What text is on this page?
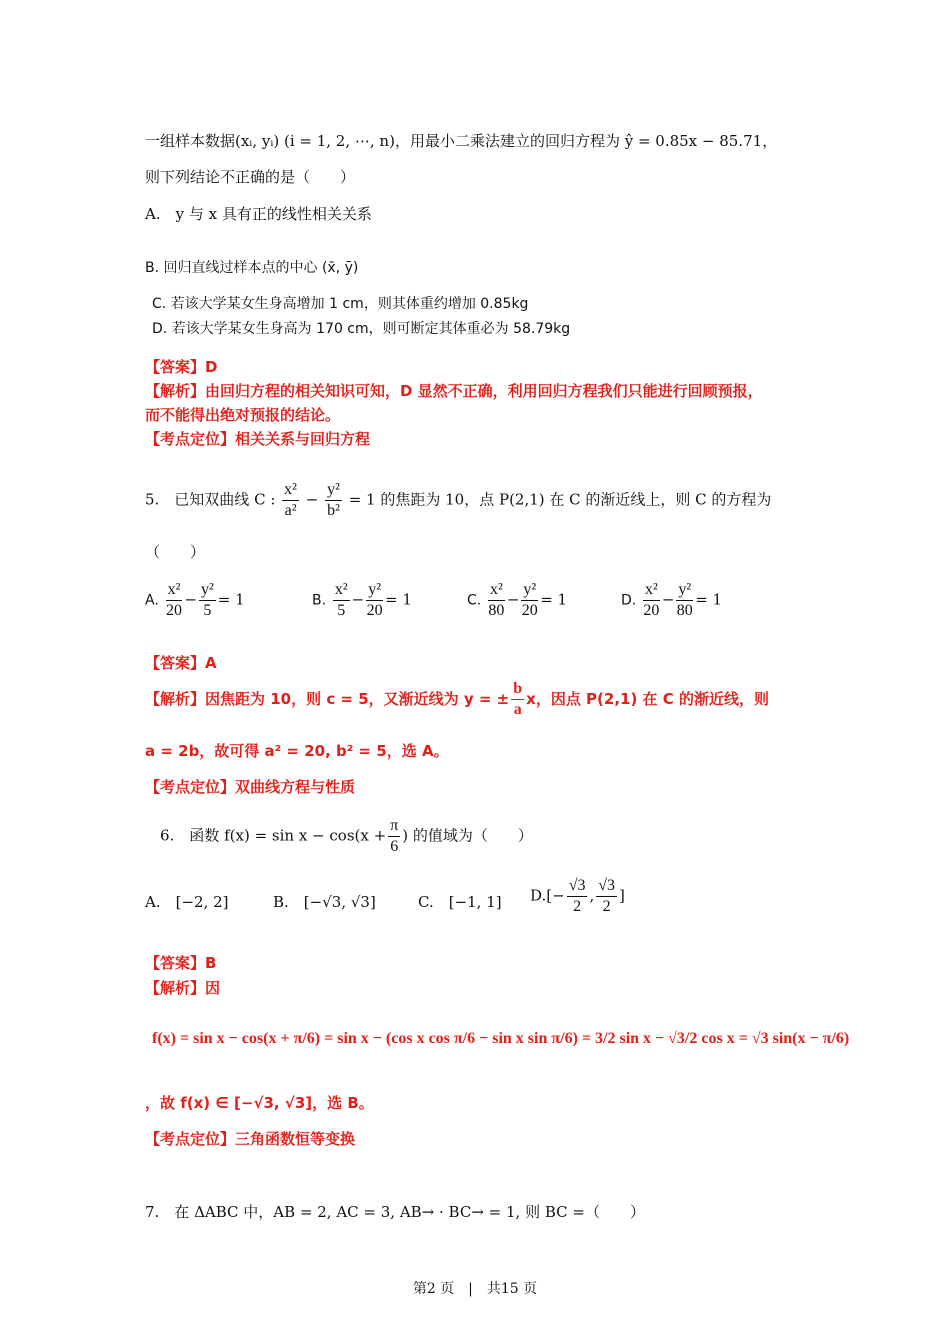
一组样本数据(xᵢ, yᵢ) (i = 1, 2, ⋯, n)，用最小二乘法建立的回归方程为 ŷ = 0.85x − 85.71，
则下列结论不正确的是（　　）
A.　y 与 x 具有正的线性相关关系
B. 回归直线过样本点的中心 (x̄, ȳ)
C. 若该大学某女生身高增加 1 cm，则其体重约增加 0.85kg
D. 若该大学某女生身高为 170 cm，则可断定其体重必为 58.79kg
【答案】D
【解析】由回归方程的相关知识可知，D 显然不正确，利用回归方程我们只能进行回顾预报，
而不能得出绝对预报的结论。
【考点定位】相关关系与回归方程
5.　已知双曲线 C : $\frac{\text{x²}}{\text{a²}} - \frac{\text{y²}}{\text{b²}} = 1$ 的焦距为 10，点 P(2,1) 在 C 的渐近线上，则 C 的方程为
（　　）
A. $\frac{\text{x²}}{20} - \frac{\text{y²}}{5} = 1$	B. $\frac{\text{x²}}{5} - \frac{\text{y²}}{20} = 1$	C. $\frac{\text{x²}}{80} - \frac{\text{y²}}{20} = 1$	D. $\frac{\text{x²}}{20} - \frac{\text{y²}}{80} = 1$
【答案】A
【解析】因焦距为 10，则 c = 5，又渐近线为 y = ± $\frac{b}{a}$ x，因点 P(2,1) 在 C 的渐近线，则
a = 2b，故可得 a² = 20, b² = 5，选 A。
【考点定位】双曲线方程与性质
6.　函数 $f(x) = \sin x - \cos(x + \frac{\pi}{6}$ ) 的值域为（　　）
A.　[−2, 2]	B.　[−√3, √3]	C.　[−1, 1] $D.[- \frac{√3}{2}$ , $\frac{√3}{2}$ ]
【答案】B
【解析】因
f(x) = sin x − cos(x + π/6) = sin x − (cos x cos π/6 − sin x sin π/6) = 3/2 sin x − √3/2 cos x = √3 sin(x − π/6)
，故 f(x) ∈ [−√3, √3]，选 B。
【考点定位】三角函数恒等变换
7.　在 ΔABC 中，AB = 2, AC = 3, AB→ · BC→ = 1, 则 BC =（　　）
第2 页　|　共15 页
